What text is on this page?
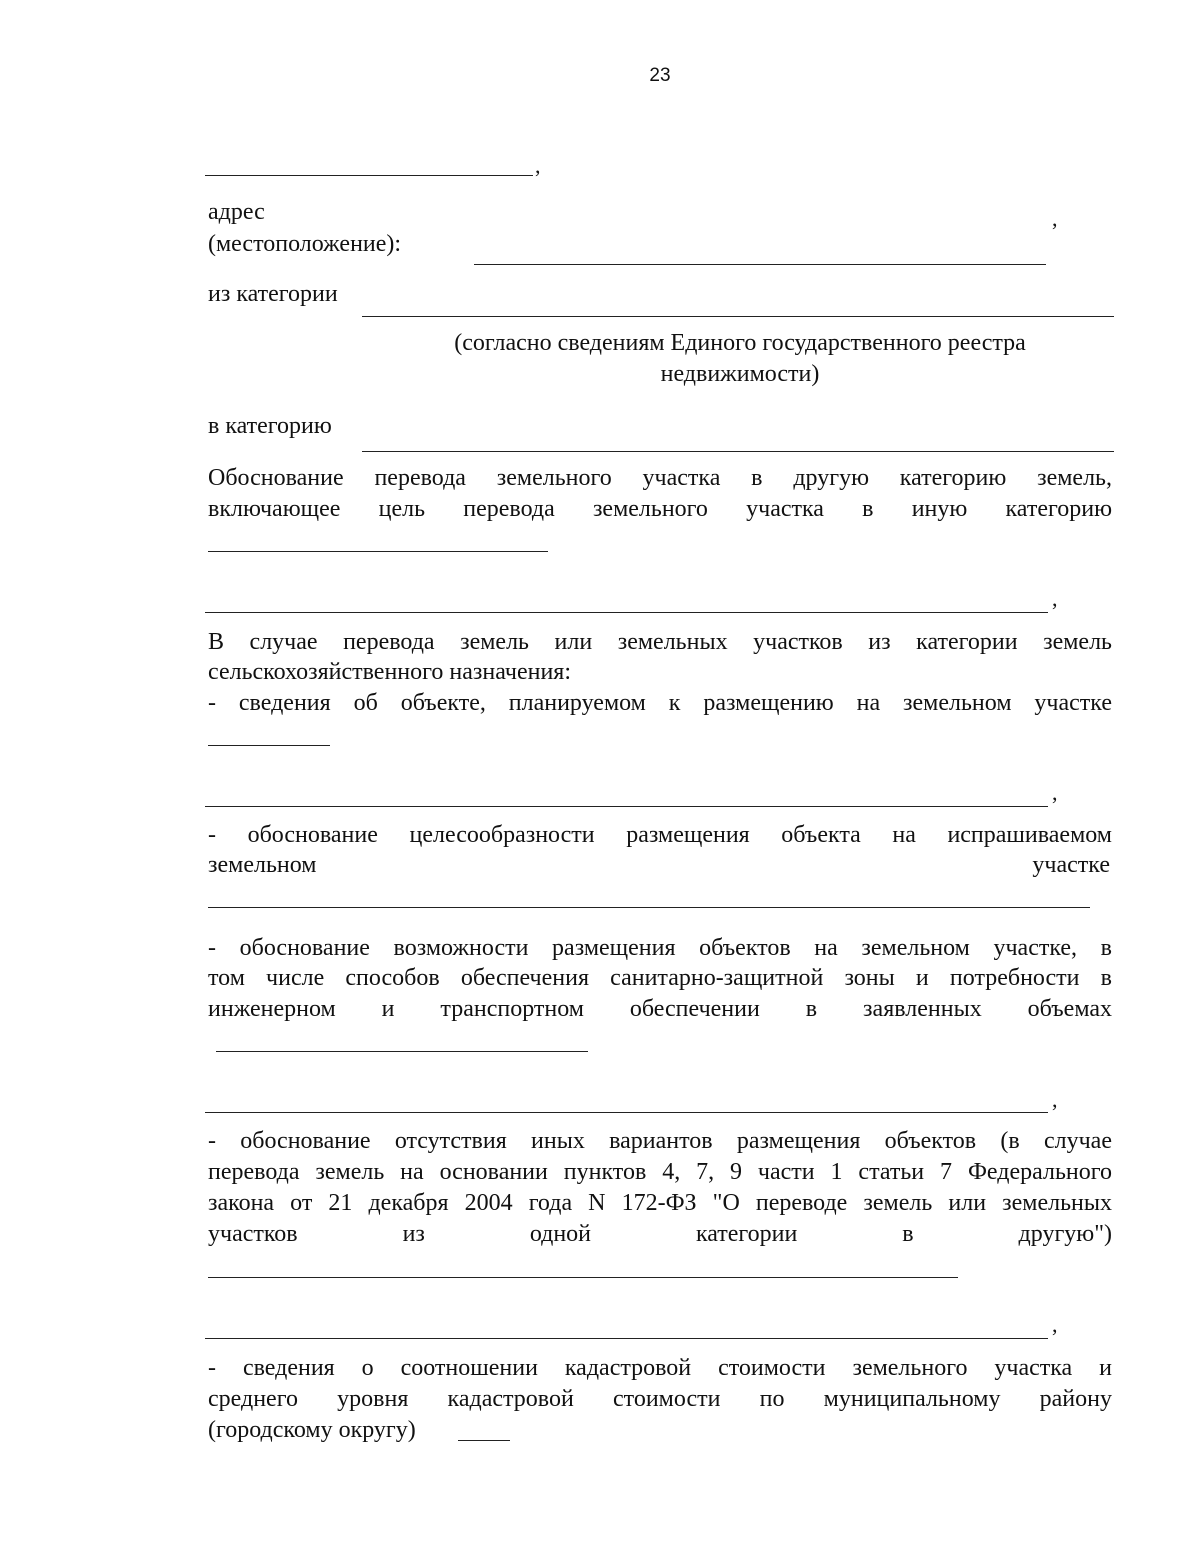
23
,
адрес	,
(местоположение):
из категории
(согласно сведениям Единого государственного реестра недвижимости)
в категорию
Обоснование перевода земельного участка в другую категорию земель,
включающее цель перевода земельного участка в иную категорию
,
В случае перевода земель или земельных участков из категории земель
сельскохозяйственного назначения:
- сведения об объекте, планируемом к размещению на земельном участке
,
- обоснование целесообразности размещения объекта на испрашиваемом
земельном	участке
- обоснование возможности размещения объектов на земельном участке, в
том числе способов обеспечения санитарно-защитной зоны и потребности в
инженерном и транспортном обеспечении в заявленных объемах
,
- обоснование отсутствия иных вариантов размещения объектов (в случае
перевода земель на основании пунктов 4, 7, 9 части 1 статьи 7 Федерального
закона от 21 декабря 2004 года N 172-ФЗ "О переводе земель или земельных
участков из одной категории в другую")
,
- сведения о соотношении кадастровой стоимости земельного участка и
среднего уровня кадастровой стоимости по муниципальному району
(городскому округу)
